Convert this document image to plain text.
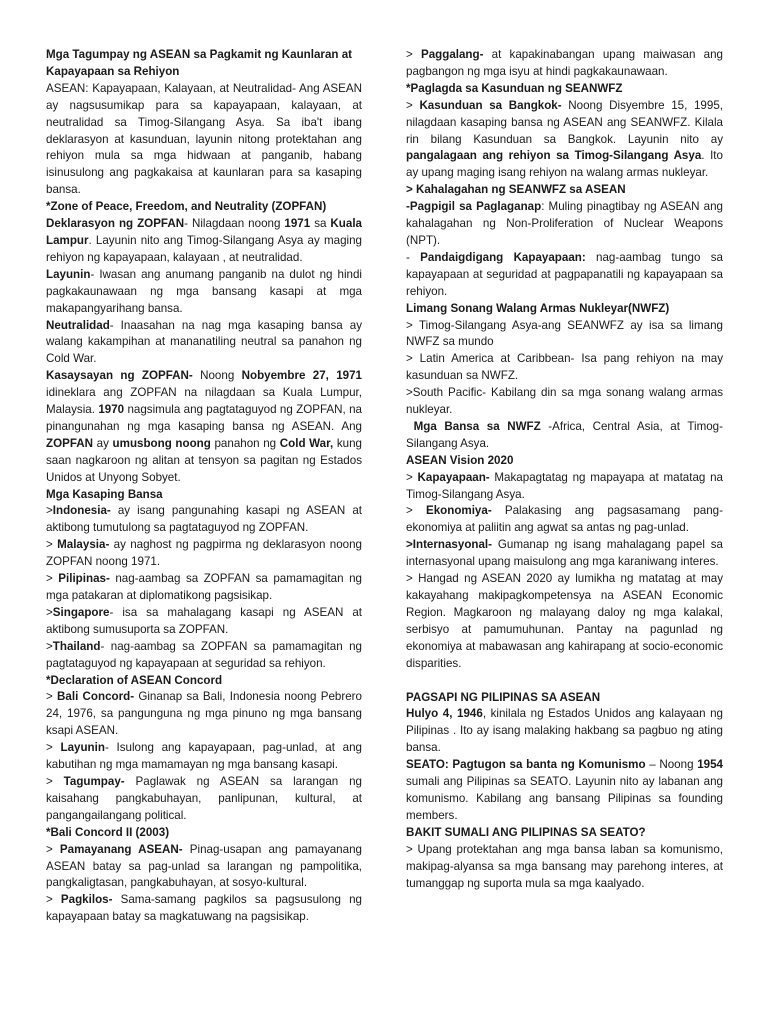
Mga Tagumpay ng ASEAN sa Pagkamit ng Kaunlaran at Kapayapaan sa Rehiyon

ASEAN: Kapayapaan, Kalayaan, at Neutralidad- Ang ASEAN ay nagsusumikap para sa kapayapaan, kalayaan, at neutralidad sa Timog-Silangang Asya. Sa iba't ibang deklarasyon at kasunduan, layunin nitong protektahan ang rehiyon mula sa mga hidwaan at panganib, habang isinusulong ang pagkakaisa at kaunlaran para sa kasaping bansa.

*Zone of Peace, Freedom, and Neutrality (ZOPFAN)

Deklarasyon ng ZOPFAN- Nilagdaan noong 1971 sa Kuala Lampur. Layunin nito ang Timog-Silangang Asya ay maging rehiyon ng kapayapaan, kalayaan , at neutralidad.

Layunin- Iwasan ang anumang panganib na dulot ng hindi pagkakaunawaan ng mga bansang kasapi at mga makapangyarihang bansa.

Neutralidad- Inaasahan na nag mga kasaping bansa ay walang kakampihan at mananatiling neutral sa panahon ng Cold War.

Kasaysayan ng ZOPFAN- Noong Nobyembre 27, 1971 idineklara ang ZOPFAN na nilagdaan sa Kuala Lumpur, Malaysia. 1970 nagsimula ang pagtataguyod ng ZOPFAN, na pinangunahan ng mga kasaping bansa ng ASEAN. Ang ZOPFAN ay umusbong noong panahon ng Cold War, kung saan nagkaroon ng alitan at tensyon sa pagitan ng Estados Unidos at Unyong Sobyet.

Mga Kasaping Bansa

>Indonesia- ay isang pangunahing kasapi ng ASEAN at aktibong tumutulong sa pagtataguyod ng ZOPFAN.

> Malaysia- ay naghost ng pagpirma ng deklarasyon noong ZOPFAN noong 1971.

> Pilipinas- nag-aambag sa ZOPFAN sa pamamagitan ng mga patakaran at diplomatikong pagsisikap.

>Singapore- isa sa mahalagang kasapi ng ASEAN at aktibong sumusuporta sa ZOPFAN.

>Thailand- nag-aambag sa ZOPFAN sa pamamagitan ng pagtataguyod ng kapayapaan at seguridad sa rehiyon.

*Declaration of ASEAN Concord

> Bali Concord- Ginanap sa Bali, Indonesia noong Pebrero 24, 1976, sa pangunguna ng mga pinuno ng mga bansang ksapi ASEAN.

> Layunin- Isulong ang kapayapaan, pag-unlad, at ang kabutihan ng mga mamamayan ng mga bansang kasapi.

> Tagumpay- Paglawak ng ASEAN sa larangan ng kaisahang pangkabuhayan, panlipunan, kultural, at pangangailangang political.

*Bali Concord II (2003)

> Pamayanang ASEAN- Pinag-usapan ang pamayanang ASEAN batay sa pag-unlad sa larangan ng pampolitika, pangkaligtasan, pangkabuhayan, at sosyo-kultural.

> Pagkilos- Sama-samang pagkilos sa pagsusulong ng kapayapaan batay sa magkatuwang na pagsisikap.

> Paggalang- at kapakinabangan upang maiwasan ang pagbangon ng mga isyu at hindi pagkakaunawaan.

*Paglagda sa Kasunduan ng SEANWFZ

> Kasunduan sa Bangkok- Noong Disyembre 15, 1995, nilagdaan kasaping bansa ng ASEAN ang SEANWFZ. Kilala rin bilang Kasunduan sa Bangkok. Layunin nito ay pangalagaan ang rehiyon sa Timog-Silangang Asya. Ito ay upang maging isang rehiyon na walang armas nukleyar.

> Kahalagahan ng SEANWFZ sa ASEAN

-Pagpigil sa Paglaganap: Muling pinagtibay ng ASEAN ang kahalagahan ng Non-Proliferation of Nuclear Weapons (NPT).

- Pandaigdigang Kapayapaan: nag-aambag tungo sa kapayapaan at seguridad at pagpapanatili ng kapayapaan sa rehiyon.

Limang Sonang Walang Armas Nukleyar(NWFZ)

> Timog-Silangang Asya-ang SEANWFZ ay isa sa limang NWFZ sa mundo

> Latin America at Caribbean- Isa pang rehiyon na may kasunduan sa NWFZ.

>South Pacific- Kabilang din sa mga sonang walang armas nukleyar.

Mga Bansa sa NWFZ -Africa, Central Asia, at Timog-Silangang Asya.

ASEAN Vision 2020

> Kapayapaan- Makapagtatag ng mapayapa at matatag na Timog-Silangang Asya.

> Ekonomiya- Palakasing ang pagsasamang pang-ekonomiya at paliitin ang agwat sa antas ng pag-unlad.

>Internasyonal- Gumanap ng isang mahalagang papel sa internasyonal upang maisulong ang mga karaniwang interes.

> Hangad ng ASEAN 2020 ay lumikha ng matatag at may kakayahang makipagkompetensya na ASEAN Economic Region. Magkaroon ng malayang daloy ng mga kalakal, serbisyo at pamumuhunan. Pantay na pagunlad ng ekonomiya at mabawasan ang kahirapang at socio-economic disparities.

PAGSAPI NG PILIPINAS SA ASEAN

Hulyo 4, 1946, kinilala ng Estados Unidos ang kalayaan ng Pilipinas . Ito ay isang malaking hakbang sa pagbuo ng ating bansa.

SEATO: Pagtugon sa banta ng Komunismo – Noong 1954 sumali ang Pilipinas sa SEATO. Layunin nito ay labanan ang komunismo. Kabilang ang bansang Pilipinas sa founding members.

BAKIT SUMALI ANG PILIPINAS SA SEATO?

> Upang protektahan ang mga bansa laban sa komunismo, makipag-alyansa sa mga bansang may parehong interes, at tumanggap ng suporta mula sa mga kaalyado.
